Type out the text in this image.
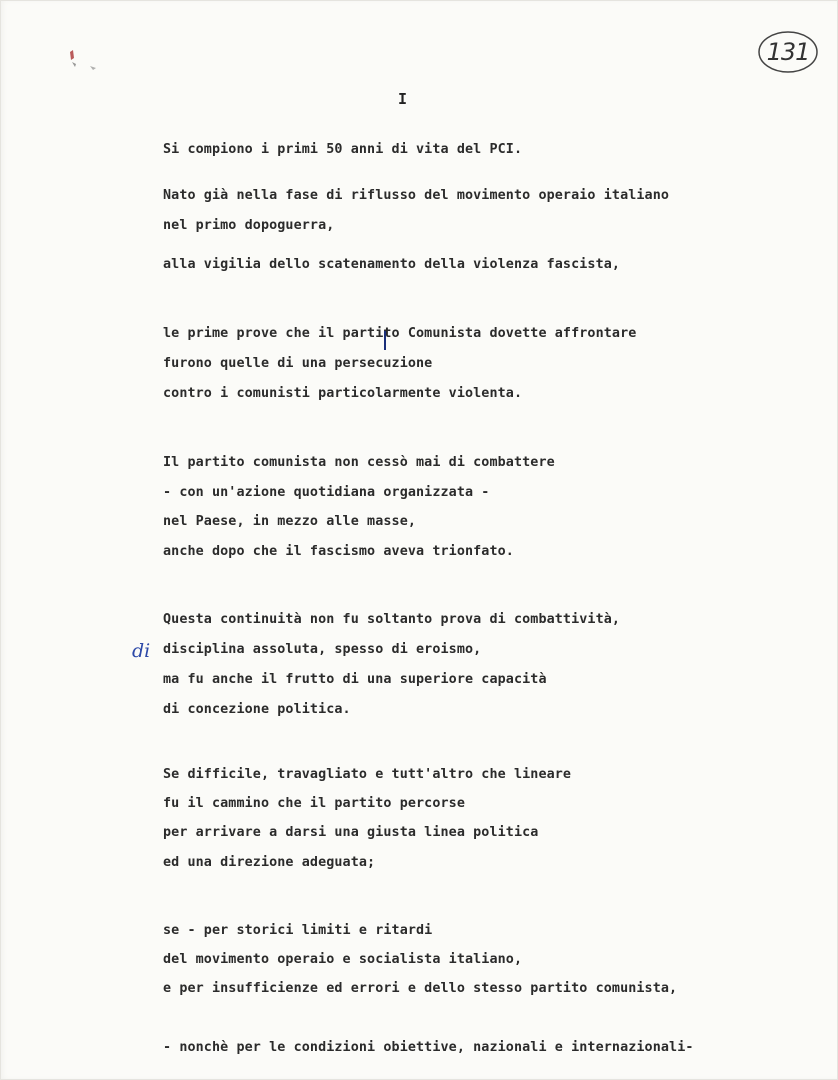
131
I
di
Si compiono i primi 50 anni di vita del PCI.
Nato già nella fase di riflusso del movimento operaio italiano
nel primo dopoguerra,
alla vigilia dello scatenamento della violenza fascista,
le prime prove che il partito Comunista dovette affrontare
furono quelle di una persecuzione
contro i comunisti particolarmente violenta.
Il partito comunista non cessò mai di combattere
- con un'azione quotidiana organizzata -
nel Paese, in mezzo alle masse,
anche dopo che il fascismo aveva trionfato.
Questa continuità non fu soltanto prova di combattività,
disciplina assoluta, spesso di eroismo,
ma fu anche il frutto di una superiore capacità
di concezione politica.
Se difficile, travagliato e tutt'altro che lineare
fu il cammino che il partito percorse
per arrivare a darsi una giusta linea politica
ed una direzione adeguata;
se - per storici limiti e ritardi
del movimento operaio e socialista italiano,
e per insufficienze ed errori e dello stesso partito comunista,
- nonchè per le condizioni obiettive, nazionali e internazionali-
